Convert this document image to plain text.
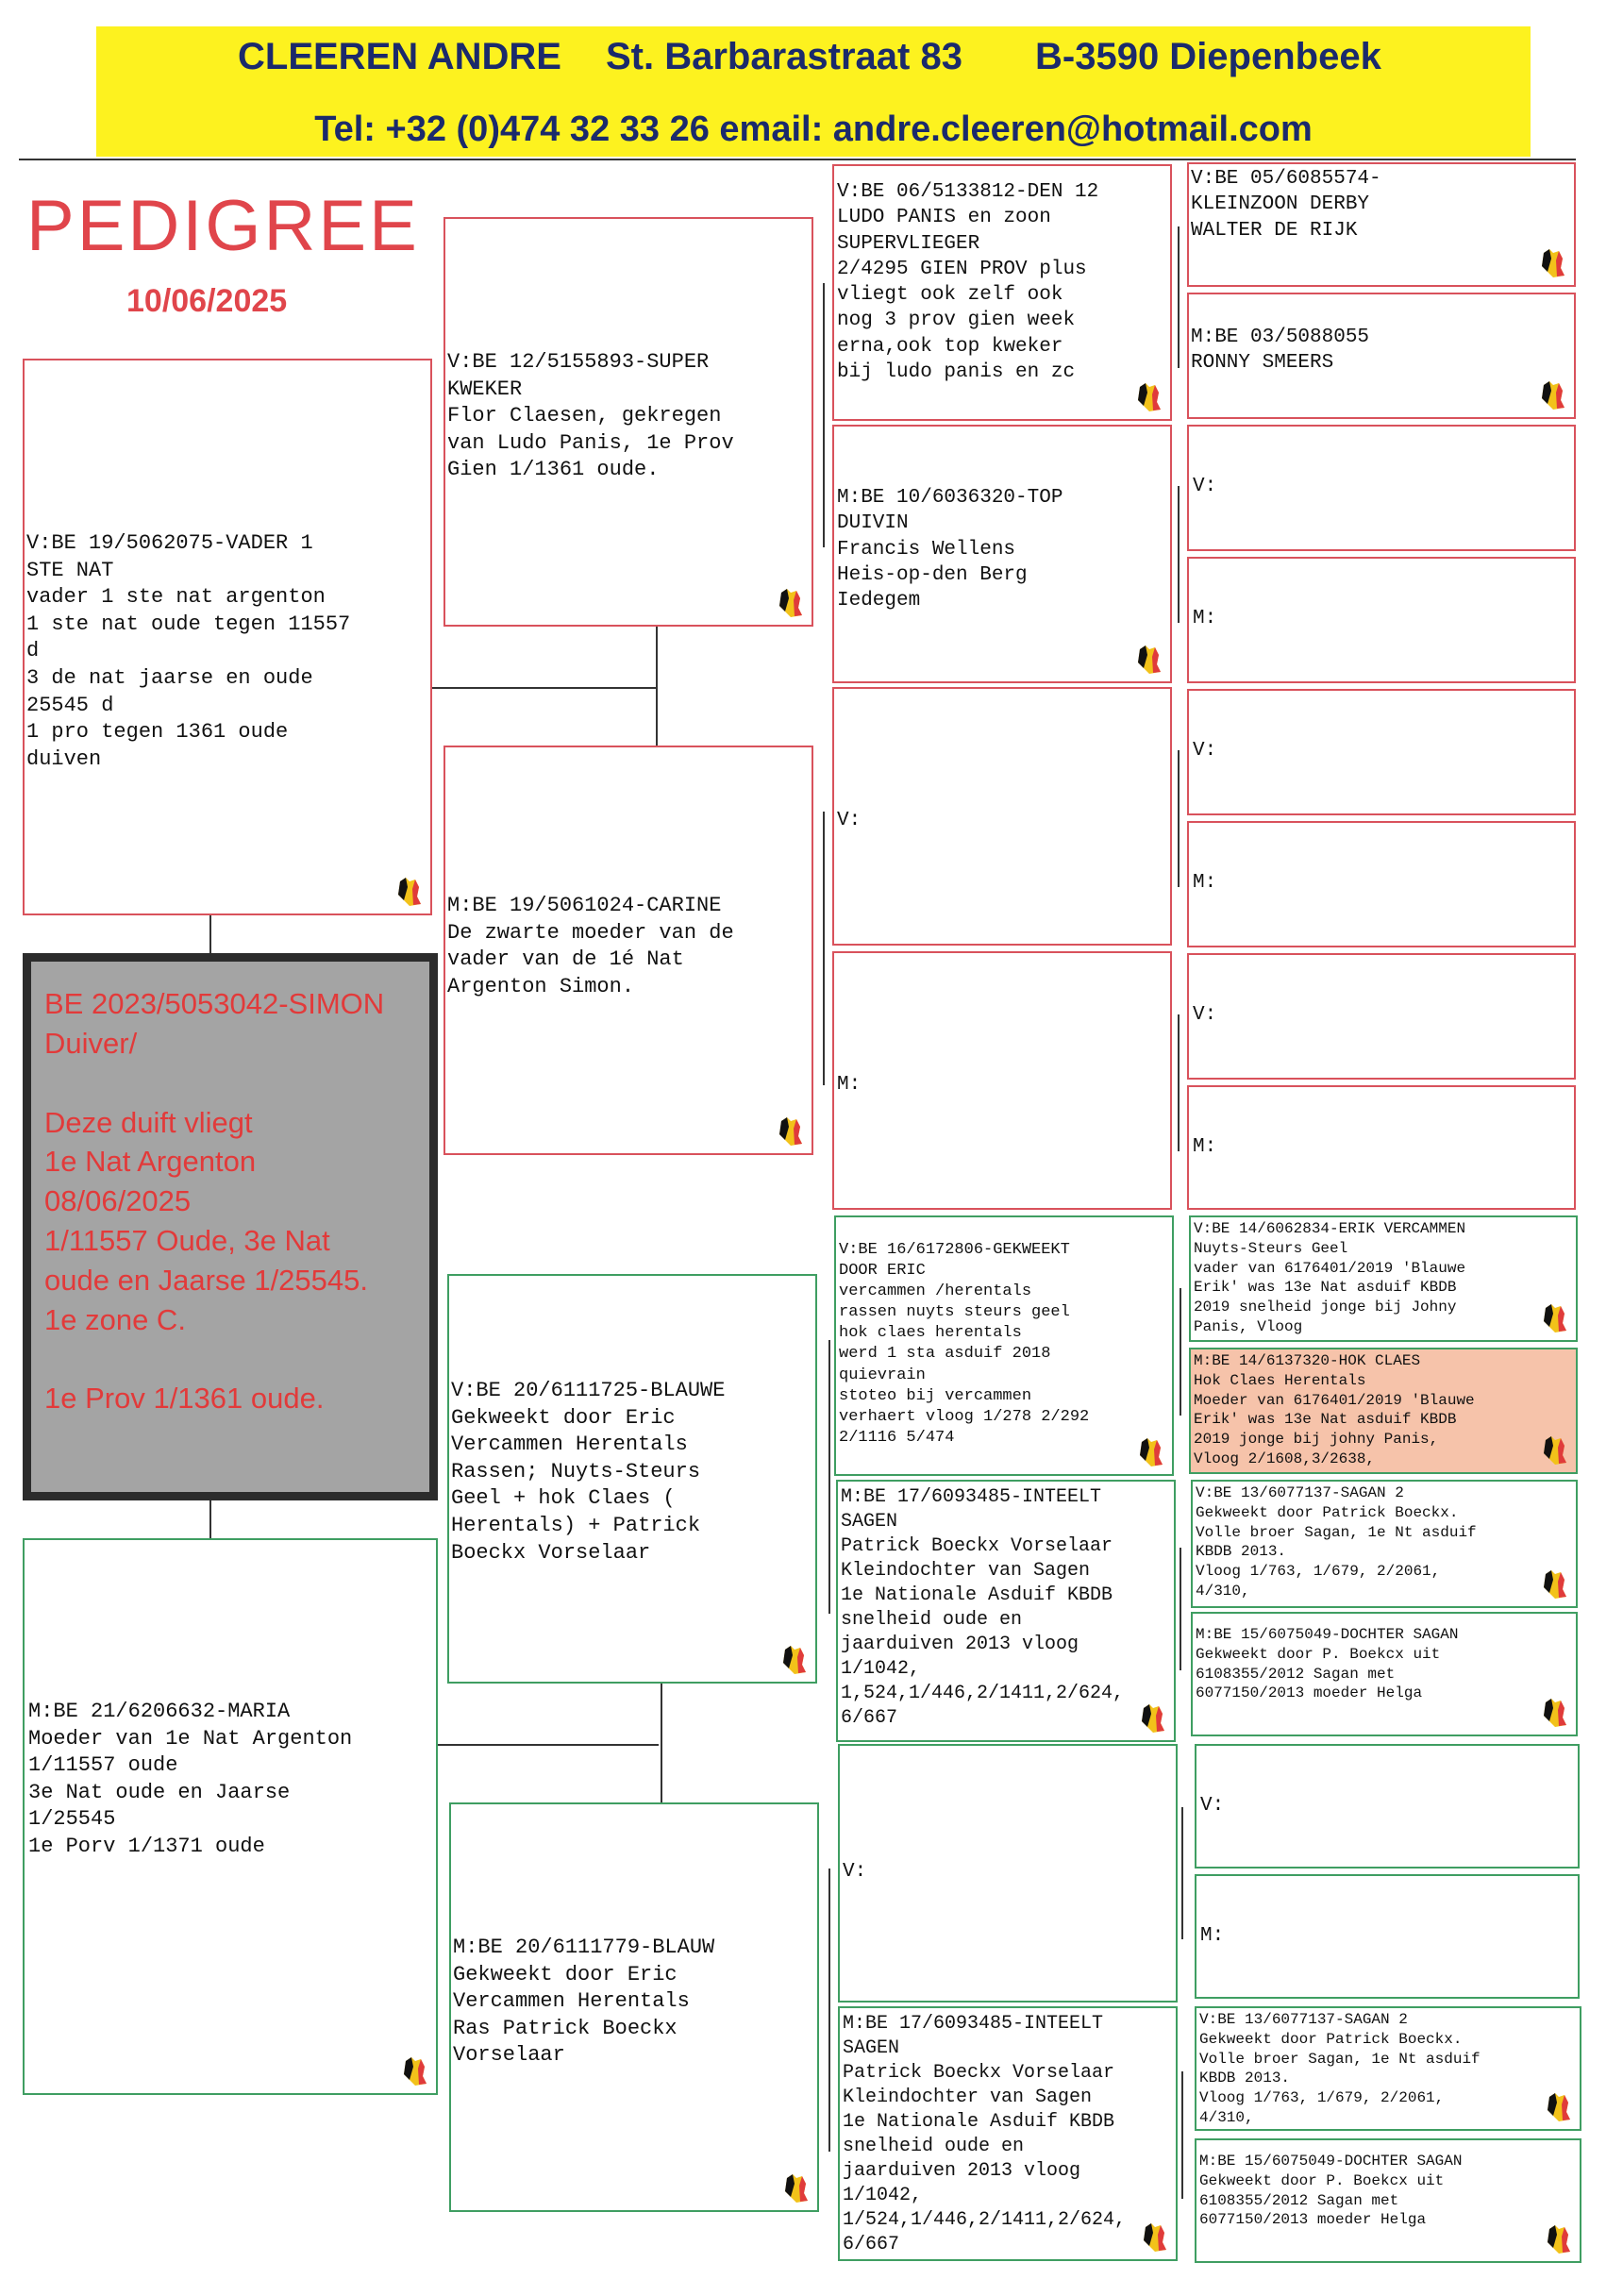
CLEEREN ANDRE St. Barbarastraat 83 B-3590 Diepenbeek
Tel: +32 (0)474 32 33 26 email: andre.cleeren@hotmail.com
PEDIGREE
10/06/2025
V:BE 19/5062075-VADER 1
STE NAT
vader 1 ste nat argenton
1 ste nat oude tegen 11557
d
3 de nat jaarse en oude
25545 d
1 pro tegen 1361 oude
duiven
BE 2023/5053042-SIMON
Duiver/

Deze duift vliegt
1e Nat Argenton
08/06/2025
1/11557 Oude, 3e Nat
oude en Jaarse 1/25545.
1e zone C.

1e Prov 1/1361 oude.
M:BE 21/6206632-MARIA
Moeder van 1e Nat Argenton
1/11557 oude
3e Nat oude en Jaarse
1/25545
1e Porv 1/1371 oude
V:BE 12/5155893-SUPER
KWEKER
Flor Claesen, gekregen
van Ludo Panis, 1e Prov
Gien 1/1361 oude.
M:BE 19/5061024-CARINE
De zwarte moeder van de
vader van de 1é Nat
Argenton Simon.
V:BE 20/6111725-BLAUWE
Gekweekt door Eric
Vercammen Herentals
Rassen; Nuyts-Steurs
Geel + hok Claes (
Herentals) + Patrick
Boeckx Vorselaar
M:BE 20/6111779-BLAUW
Gekweekt door Eric
Vercammen Herentals
Ras Patrick Boeckx
Vorselaar
V:BE 06/5133812-DEN 12
LUDO PANIS en zoon
SUPERVLIEGER
2/4295 GIEN PROV plus
vliegt ook zelf ook
nog 3 prov gien week
erna,ook top kweker
bij ludo panis en zc
M:BE 10/6036320-TOP
DUIVIN
Francis Wellens
Heis-op-den Berg
Iedegem
V:
M:
V:BE 16/6172806-GEKWEEKT
DOOR ERIC
vercammen /herentals
rassen nuyts steurs geel
hok claes herentals
werd 1 sta asduif 2018
quievrain
stoteo bij vercammen
verhaert vloog 1/278 2/292
2/1116 5/474
M:BE 17/6093485-INTEELT
SAGEN
Patrick Boeckx Vorselaar
Kleindochter van Sagen
1e Nationale Asduif KBDB
snelheid oude en
jaarduiven 2013 vloog
1/1042,
1,524,1/446,2/1411,2/624,
6/667
V:
M:BE 17/6093485-INTEELT
SAGEN
Patrick Boeckx Vorselaar
Kleindochter van Sagen
1e Nationale Asduif KBDB
snelheid oude en
jaarduiven 2013 vloog
1/1042,
1/524,1/446,2/1411,2/624,
6/667
V:BE 05/6085574-
KLEINZOON DERBY
WALTER DE RIJK
M:BE 03/5088055
RONNY SMEERS
V:
M:
V:
M:
V:
M:
V:BE 14/6062834-ERIK VERCAMMEN
Nuyts-Steurs Geel
vader van 6176401/2019 'Blauwe
Erik' was 13e Nat asduif KBDB
2019 snelheid jonge bij Johny
Panis, Vloog
M:BE 14/6137320-HOK CLAES
Hok Claes Herentals
Moeder van 6176401/2019 'Blauwe
Erik' was 13e Nat asduif KBDB
2019 jonge bij johny Panis,
Vloog 2/1608,3/2638,
V:BE 13/6077137-SAGAN 2
Gekweekt door Patrick Boeckx.
Volle broer Sagan, 1e Nt asduif
KBDB 2013.
Vloog 1/763, 1/679, 2/2061,
4/310,
M:BE 15/6075049-DOCHTER SAGAN
Gekweekt door P. Boekcx uit
6108355/2012 Sagan met
6077150/2013 moeder Helga
V:
M:
V:BE 13/6077137-SAGAN 2
Gekweekt door Patrick Boeckx.
Volle broer Sagan, 1e Nt asduif
KBDB 2013.
Vloog 1/763, 1/679, 2/2061,
4/310,
M:BE 15/6075049-DOCHTER SAGAN
Gekweekt door P. Boekcx uit
6108355/2012 Sagan met
6077150/2013 moeder Helga
